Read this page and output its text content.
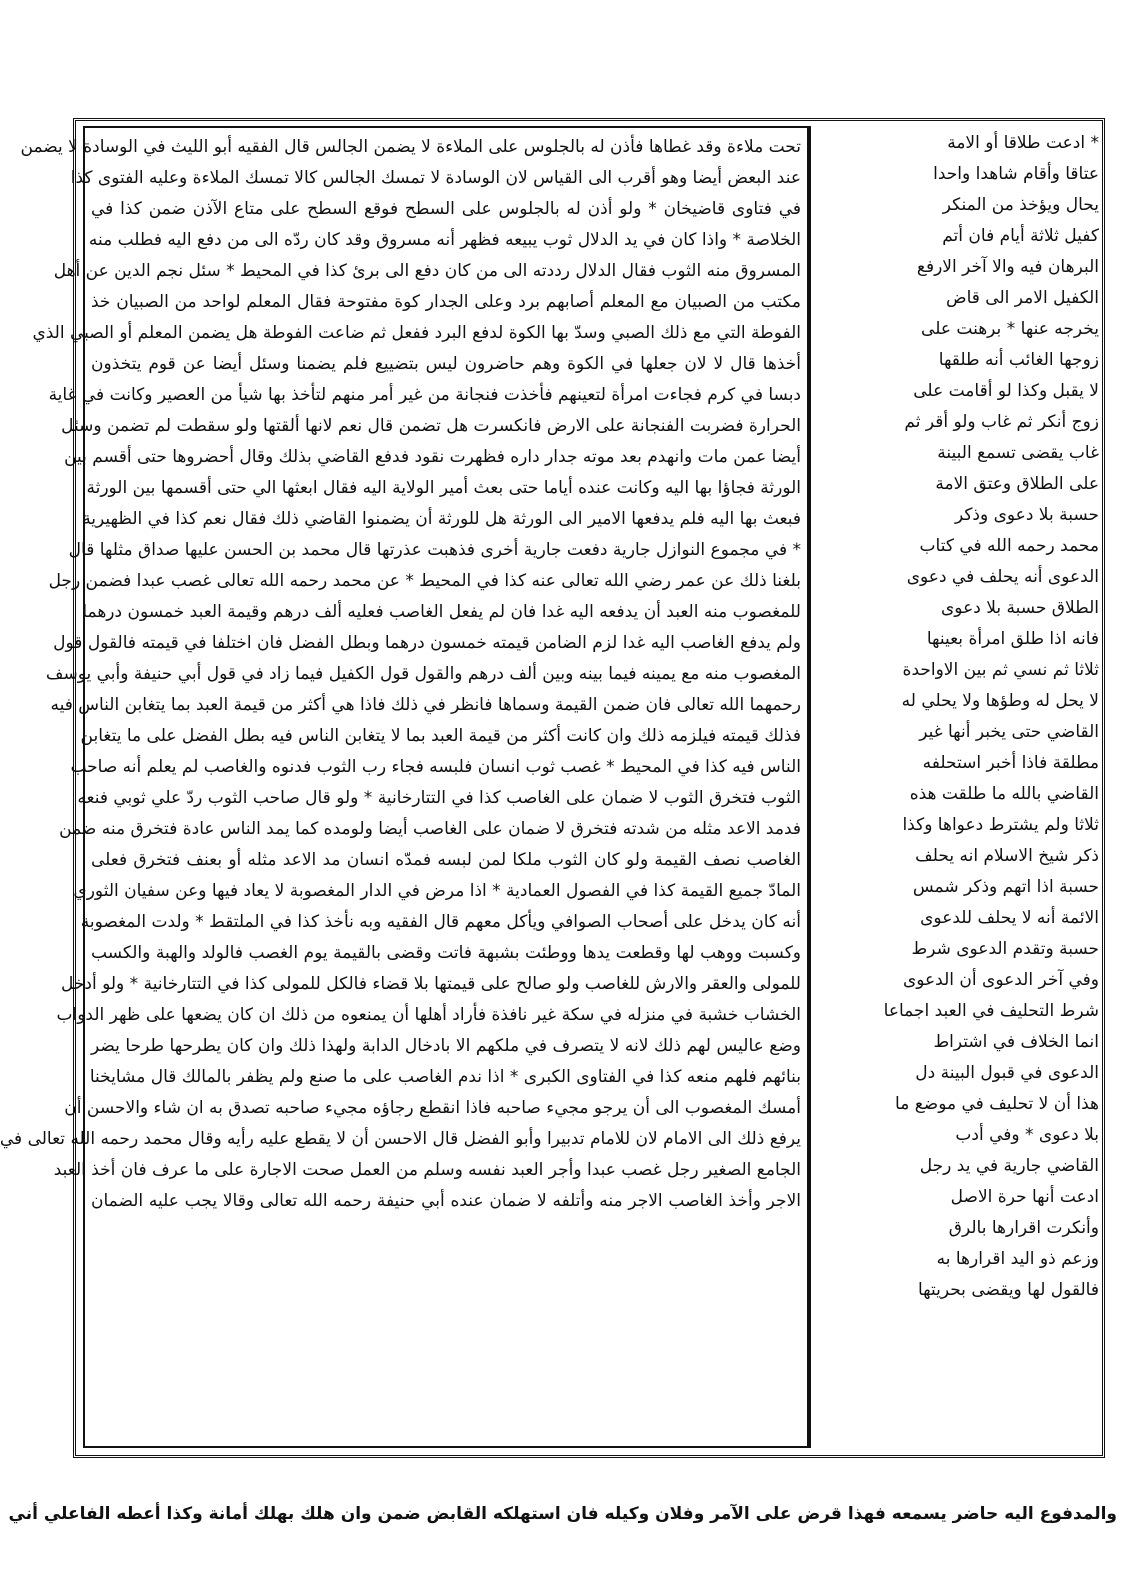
تحت ملاءة وقد غطاها فأذن له بالجلوس على الملاءة لا يضمن الجالس قال الفقيه أبو الليث في الوسادة لا يضمن

عند البعض أيضا وهو أقرب الى القياس لان الوسادة لا تمسك الجالس كالا تمسك الملاءة وعليه الفتوى كذا

في فتاوى قاضيخان * ولو أذن له بالجلوس على السطح فوقع السطح على متاع الآذن ضمن كذا في

الخلاصة * واذا كان في يد الدلال ثوب يبيعه فظهر أنه مسروق وقد كان ردّه الى من دفع اليه فطلب منه

المسروق منه الثوب فقال الدلال رددته الى من كان دفع الى برئ كذا في المحيط * سئل نجم الدين عن أهل

مكتب من الصبيان مع المعلم أصابهم برد وعلى الجدار كوة مفتوحة فقال المعلم لواحد من الصبيان خذ

الفوطة التي مع ذلك الصبي وسدّ بها الكوة لدفع البرد ففعل ثم ضاعت الفوطة هل يضمن المعلم أو الصبي الذي

أخذها قال لا لان جعلها في الكوة وهم حاضرون ليس بتضييع فلم يضمنا وسئل أيضا عن قوم يتخذون

دبسا في كرم فجاءت امرأة لتعينهم فأخذت فنجانة من غير أمر منهم لتأخذ بها شيأ من العصير وكانت في غاية

الحرارة فضربت الفنجانة على الارض فانكسرت هل تضمن قال نعم لانها ألقتها ولو سقطت لم تضمن وسئل

أيضا عمن مات وانهدم بعد موته جدار داره فظهرت نقود فدفع القاضي بذلك وقال أحضروها حتى أقسم بين

الورثة فجاؤا بها اليه وكانت عنده أياما حتى بعث أمير الولاية اليه فقال ابعثها الي حتى أقسمها بين الورثة

فبعث بها اليه فلم يدفعها الامير الى الورثة هل للورثة أن يضمنوا القاضي ذلك فقال نعم كذا في الظهيرية

* في مجموع النوازل جارية دفعت جارية أخرى فذهبت عذرتها قال محمد بن الحسن عليها صداق مثلها قال

بلغنا ذلك عن عمر رضي الله تعالى عنه كذا في المحيط * عن محمد رحمه الله تعالى غصب عبدا فضمن رجل

للمغصوب منه العبد أن يدفعه اليه غدا فان لم يفعل الغاصب فعليه ألف درهم وقيمة العبد خمسون درهما

ولم يدفع الغاصب اليه غدا لزم الضامن قيمته خمسون درهما وبطل الفضل فان اختلفا في قيمته فالقول قول

المغصوب منه مع يمينه فيما بينه وبين ألف درهم والقول قول الكفيل فيما زاد في قول أبي حنيفة وأبي يوسف

رحمهما الله تعالى فان ضمن القيمة وسماها فانظر في ذلك فاذا هي أكثر من قيمة العبد بما يتغابن الناس فيه

فذلك قيمته فيلزمه ذلك وان كانت أكثر من قيمة العبد بما لا يتغابن الناس فيه بطل الفضل على ما يتغابن

الناس فيه كذا في المحيط * غصب ثوب انسان فلبسه فجاء رب الثوب فدنوه والغاصب لم يعلم أنه صاحب

الثوب فتخرق الثوب لا ضمان على الغاصب كذا في التتارخانية * ولو قال صاحب الثوب ردّ علي ثوبي فنعه

فدمد الاعد مثله من شدته فتخرق لا ضمان على الغاصب أيضا ولومده كما يمد الناس عادة فتخرق منه ضمن

الغاصب نصف القيمة ولو كان الثوب ملكا لمن لبسه فمدّه انسان مد الاعد مثله أو بعنف فتخرق فعلى

المادّ جميع القيمة كذا في الفصول العمادية * اذا مرض في الدار المغصوبة لا يعاد فيها وعن سفيان الثوري

أنه كان يدخل على أصحاب الصوافي ويأكل معهم قال الفقيه وبه نأخذ كذا في الملتقط * ولدت المغصوبة

وكسبت ووهب لها وقطعت يدها ووطئت بشبهة فاتت وقضى بالقيمة يوم الغصب فالولد والهبة والكسب

للمولى والعقر والارش للغاصب ولو صالح على قيمتها بلا قضاء فالكل للمولى كذا في التتارخانية * ولو أدخل

الخشاب خشبة في منزله في سكة غير نافذة فأراد أهلها أن يمنعوه من ذلك ان كان يضعها على ظهر الدواب

وضع عاليس لهم ذلك لانه لا يتصرف في ملكهم الا بادخال الدابة ولهذا ذلك وان كان يطرحها طرحا يضر

بنائهم فلهم منعه كذا في الفتاوى الكبرى * اذا ندم الغاصب على ما صنع ولم يظفر بالمالك قال مشايخنا

أمسك المغصوب الى أن يرجو مجيء صاحبه فاذا انقطع رجاؤه مجيء صاحبه تصدق به ان شاء والاحسن أن

يرفع ذلك الى الامام لان للامام تدبيرا وأبو الفضل قال الاحسن أن لا يقطع عليه رأيه وقال محمد رحمه الله تعالى في

الجامع الصغير رجل غصب عبدا وأجر العبد نفسه وسلم من العمل صحت الاجارة على ما عرف فان أخذ العبد

الاجر وأخذ الغاصب الاجر منه وأتلفه لا ضمان عنده أبي حنيفة رحمه الله تعالى وقالا يجب عليه الضمان

* ادعت طلاقا أو الامة

عتاقا وأقام شاهدا واحدا

يحال ويؤخذ من المنكر

كفيل ثلاثة أيام فان أتم

البرهان فيه والا آخر الارفع

الكفيل الامر الى قاض

يخرجه عنها * برهنت على

زوجها الغائب أنه طلقها

لا يقبل وكذا لو أقامت على

زوج أنكر ثم غاب ولو أقر ثم

غاب يقضى تسمع البينة

على الطلاق وعتق الامة

حسبة بلا دعوى وذكر

محمد رحمه الله في كتاب

الدعوى أنه يحلف في دعوى

الطلاق حسبة بلا دعوى

فانه اذا طلق امرأة بعينها

ثلاثا ثم نسي ثم بين الاواحدة

لا يحل له وطؤها ولا يحلي له

القاضي حتى يخبر أنها غير

مطلقة فاذا أخبر استحلفه

القاضي بالله ما طلقت هذه

ثلاثا ولم يشترط دعواها وكذا

ذكر شيخ الاسلام انه يحلف

حسبة اذا اتهم وذكر شمس

الائمة أنه لا يحلف للدعوى

حسبة وتقدم الدعوى شرط

وفي آخر الدعوى أن الدعوى

شرط التحليف في العبد اجماعا

انما الخلاف في اشتراط

الدعوى في قبول البينة دل

هذا أن لا تحليف في موضع ما

بلا دعوى * وفي أدب

القاضي جارية في يد رجل

ادعت أنها حرة الاصل

وأنكرت اقرارها بالرق

وزعم ذو اليد اقرارها به

فالقول لها ويقضى بحريتها

والمدفوع اليه حاضر يسمعه فهذا قرض على الآمر وفلان وكيله فان استهلكه القابض ضمن وان هلك بهلك أمانة وكذا أعطه الفاعلي أني
